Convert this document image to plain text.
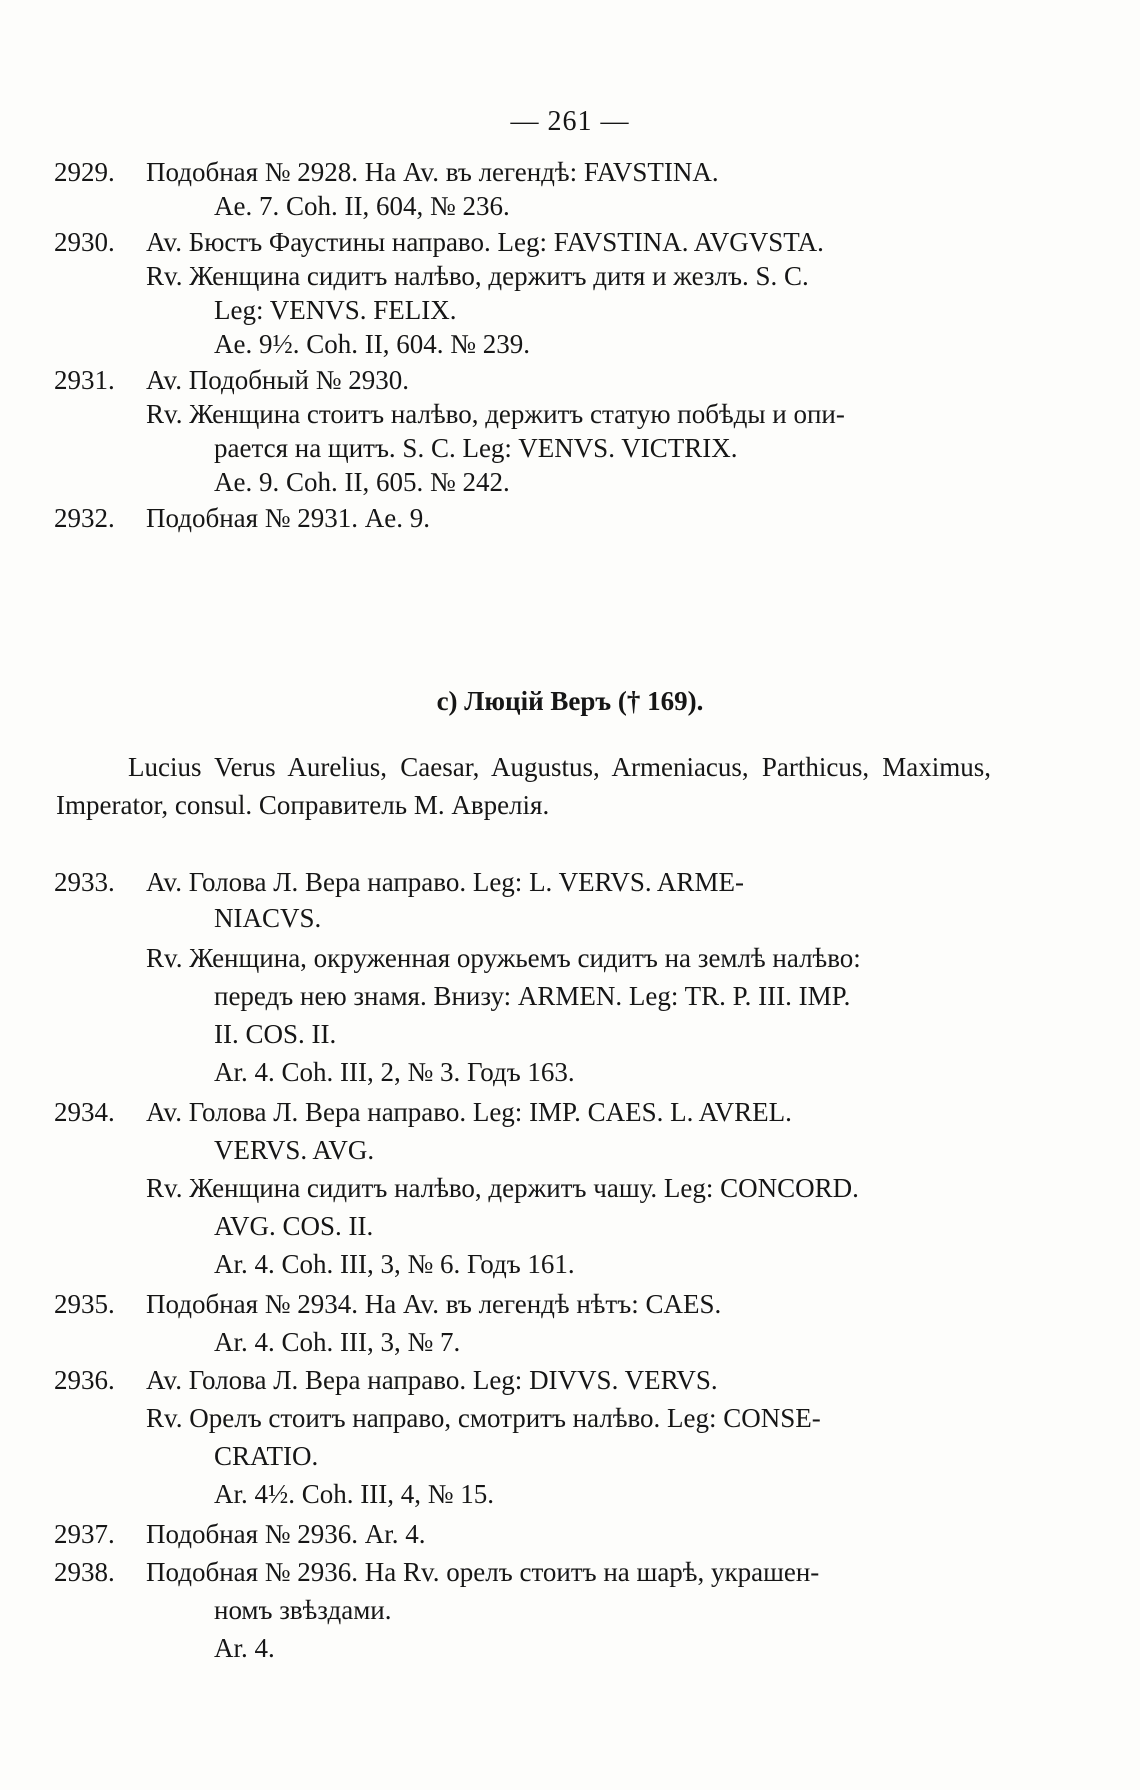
— 261 —
2929. Подобная № 2928. На Av. въ легендѣ: FAVSTINA.
Ae. 7. Coh. II, 604, № 236.
2930. Av. Бюстъ Фаустины направо. Leg: FAVSTINA. AVGVSTA.
Rv. Женщина сидитъ налѣво, держитъ дитя и жезлъ. S. C.
Leg: VENVS. FELIX.
Ae. 9½. Coh. II, 604. № 239.
2931. Av. Подобный № 2930.
Rv. Женщина стоитъ налѣво, держитъ статую побѣды и опи-
рается на щитъ. S. C. Leg: VENVS. VICTRIX.
Ae. 9. Coh. II, 605. № 242.
2932. Подобная № 2931. Ae. 9.
c) Люцій Веръ († 169).
Lucius Verus Aurelius, Caesar, Augustus, Armeniacus, Parthicus, Maximus, Imperator, consul. Соправитель М. Аврелія.
2933. Av. Голова Л. Вера направо. Leg: L. VERVS. ARME-
NIACVS.
Rv. Женщина, окруженная оружьемъ сидитъ на землѣ налѣво:
передъ нею знамя. Внизу: ARMEN. Leg: TR. P. III. IMP.
II. COS. II.
Ar. 4. Coh. III, 2, № 3. Годъ 163.
2934. Av. Голова Л. Вера направо. Leg: IMP. CAES. L. AVREL.
VERVS. AVG.
Rv. Женщина сидитъ налѣво, держитъ чашу. Leg: CONCORD.
AVG. COS. II.
Ar. 4. Coh. III, 3, № 6. Годъ 161.
2935. Подобная № 2934. На Av. въ легендѣ нѣтъ: CAES.
Ar. 4. Coh. III, 3, № 7.
2936. Av. Голова Л. Вера направо. Leg: DIVVS. VERVS.
Rv. Орелъ стоитъ направо, смотритъ налѣво. Leg: CONSE-
CRATIO.
Ar. 4½. Coh. III, 4, № 15.
2937. Подобная № 2936. Ar. 4.
2938. Подобная № 2936. На Rv. орелъ стоитъ на шарѣ, украшен-
номъ звѣздами.
Ar. 4.
